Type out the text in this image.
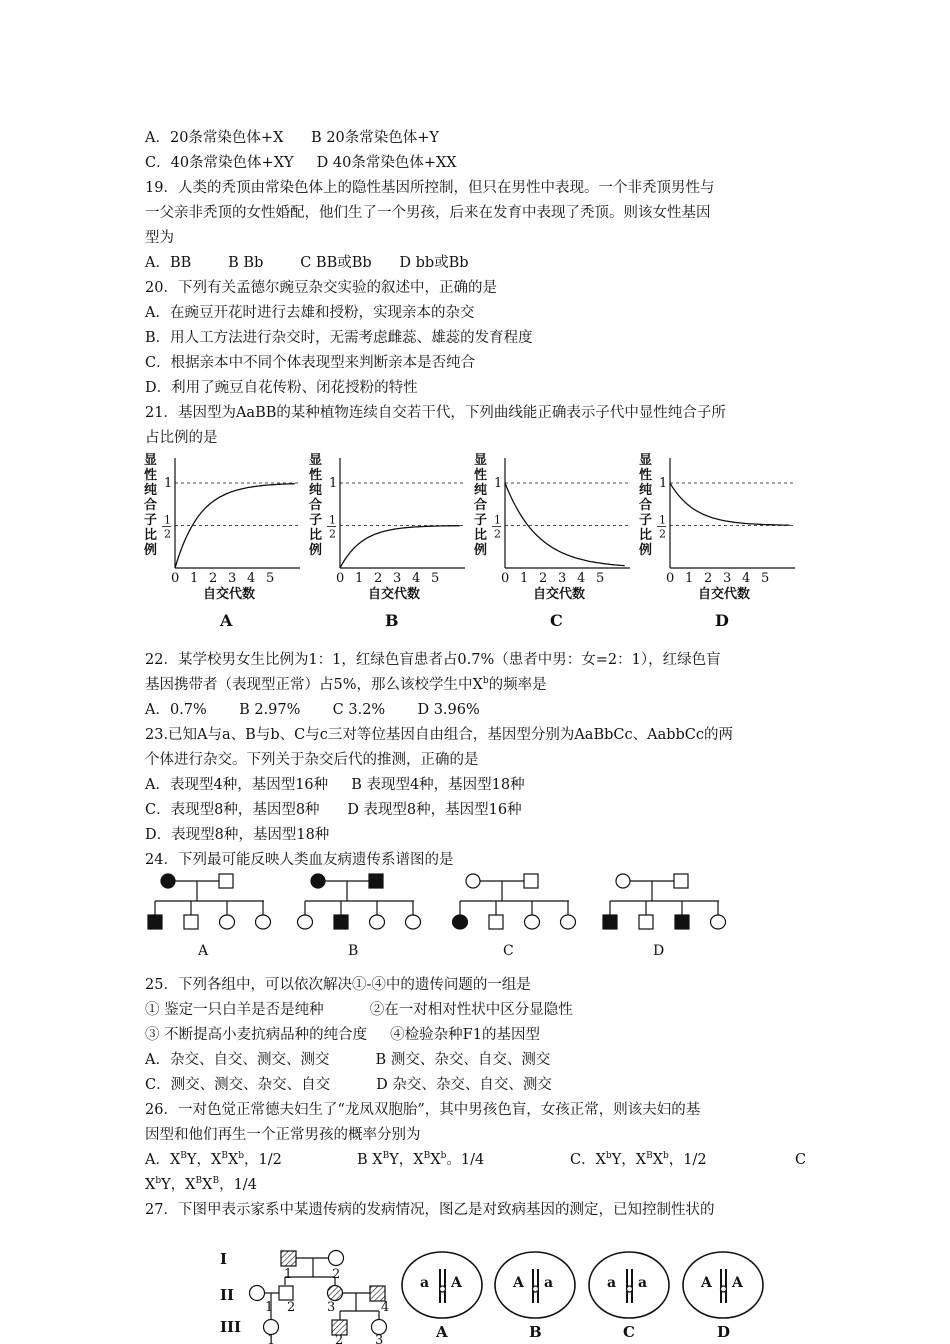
A．20条常染色体+X      B 20条常染色体+Y
C．40条常染色体+XY     D 40条常染色体+XX
19．人类的秃顶由常染色体上的隐性基因所控制，但只在男性中表现。一个非秃顶男性与
一父亲非秃顶的女性婚配，他们生了一个男孩，后来在发育中表现了秃顶。则该女性基因
型为
A．BB        B Bb        C BB或Bb      D bb或Bb
20．下列有关孟德尔豌豆杂交实验的叙述中，正确的是
A．在豌豆开花时进行去雄和授粉，实现亲本的杂交
B．用人工方法进行杂交时，无需考虑雌蕊、雄蕊的发育程度
C．根据亲本中不同个体表现型来判断亲本是否纯合
D．利用了豌豆自花传粉、闭花授粉的特性
21．基因型为AaBB的某种植物连续自交若干代，下列曲线能正确表示子代中显性纯合子所
占比例的是
22．某学校男女生比例为1：1，红绿色盲患者占0.7%（患者中男：女=2：1），红绿色盲
基因携带者（表现型正常）占5%，那么该校学生中$X^b$的频率是
A．0.7%       B 2.97%       C 3.2%       D 3.96%
23.已知A与a、B与b、C与c三对等位基因自由组合，基因型分别为AaBbCc、AabbCc的两
个体进行杂交。下列关于杂交后代的推测，正确的是
A．表现型4种，基因型16种     B 表现型4种，基因型18种
C．表现型8种，基因型8种      D 表现型8种，基因型16种
D．表现型8种，基因型18种
24．下列最可能反映人类血友病遗传系谱图的是
25．下列各组中，可以依次解决①-④中的遗传问题的一组是
① 鉴定一只白羊是否是纯种          ②在一对相对性状中区分显隐性
③ 不断提高小麦抗病品种的纯合度     ④检验杂种F1的基因型
A．杂交、自交、测交、测交          B 测交、杂交、自交、测交
C．测交、测交、杂交、自交          D 杂交、杂交、自交、测交
26．一对色觉正常德夫妇生了“龙凤双胞胎”，其中男孩色盲，女孩正常，则该夫妇的基
因型和他们再生一个正常男孩的概率分别为
A．$X^BY$，$X^BX^b$，1/2	B $X^BY$，$X^BX^b$。1/4	C．$X^bY$，$X^BX^b$，1/2	C
$X^bY$，$X^BX^B$，1/4
27．下图甲表示家系中某遗传病的发病情况，图乙是对致病基因的测定，已知控制性状的
显
性
纯
合
子
比
例
1
1
2
0 1 2 3 4 5
自交代数
A
显
性
纯
合
子
比
例
1
1
2
0 1 2 3 4 5
自交代数
B
显
性
纯
合
子
比
例
1
1
2
0 1 2 3 4 5
自交代数
C
显
性
纯
合
子
比
例
1
1
2
0 1 2 3 4 5
自交代数
D
A	B	C	D
I
II
III
1	2
1 2 3	4
1	2 3
a A
A
A a
B
a a
C
A A
D
